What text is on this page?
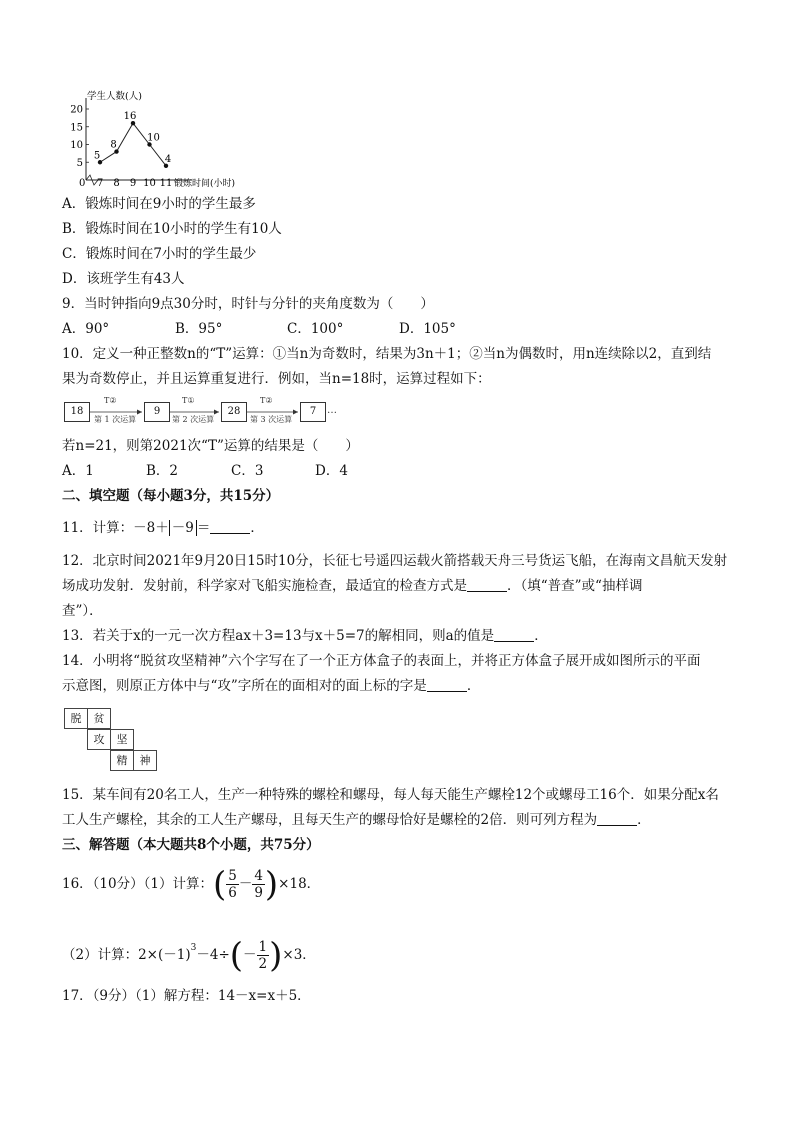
5
10
15
20
0 7 8 9 10 11
学生人数(人)
锻炼时间(小时)
5
8
16
10
4
A．锻炼时间在9小时的学生最多
B．锻炼时间在10小时的学生有10人
C．锻炼时间在7小时的学生最少
D．该班学生有43人
9．当时钟指向9点30分时，时针与分针的夹角度数为（　　）
A．90°	B．95°	C．100°	D．105°
10．定义一种正整数n的“T”运算：①当n为奇数时，结果为3n＋1；②当n为偶数时，用n连续除以2，直到结
果为奇数停止，并且运算重复进行．例如，当n=18时，运算过程如下：
18
T②
第 1 次运算
9
T①
第 2 次运算
28
T②
第 3 次运算
7	…
若n=21，则第2021次“T”运算的结果是（　　）
A．1	B．2	C．3	D．4
二、填空题（每小题3分，共15分）
11．计算：－8＋ －9 ＝	．
12．北京时间2021年9月20日15时10分，长征七号遥四运载火箭搭载天舟三号货运飞船，在海南文昌航天发射
场成功发射．发射前，科学家对飞船实施检查，最适宜的检查方式是	．（填“普查”或“抽样调
查”）．
13．若关于x的一元一次方程ax＋3=13与x＋5=7的解相同，则a的值是	．
14．小明将“脱贫攻坚精神”六个字写在了一个正方体盒子的表面上，并将正方体盒子展开成如图所示的平面
示意图，则原正方体中与“攻”字所在的面相对的面上标的字是	．
脱	贫
攻	坚
精	神
15．某车间有20名工人，生产一种特殊的螺栓和螺母，每人每天能生产螺栓12个或螺母工16个．如果分配x名
工人生产螺栓，其余的工人生产螺母，且每天生产的螺母恰好是螺栓的2倍．则可列方程为	．
三、解答题（本大题共8个小题，共75分）
16．（10分）（1）计算：( $\frac{5}{6} - \frac{4}{9} )\times 18$．
（2）计算：$2\times(-1)^3-4\div(- \frac{1}{2} )\times 3$．
17．（9分）（1）解方程：14－x=x＋5．
